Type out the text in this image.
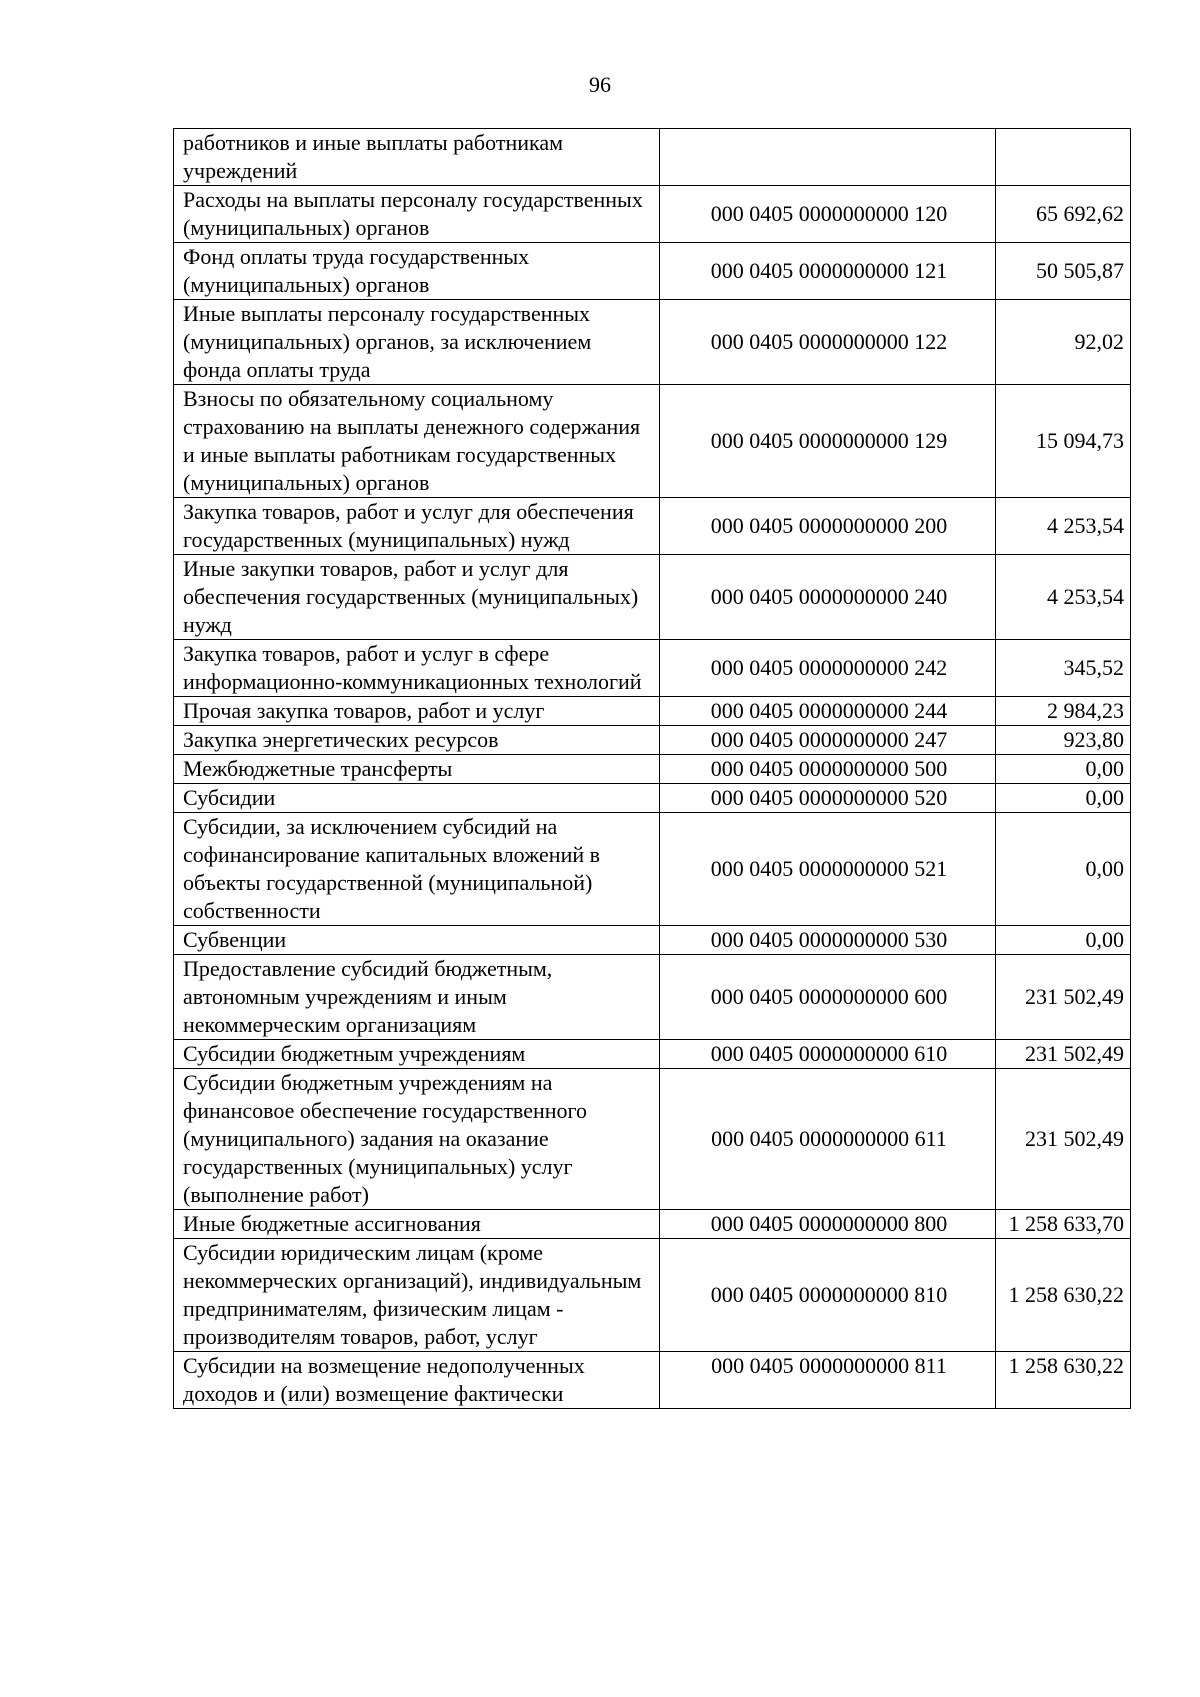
96
работников и иные выплаты работникам учреждений		
Расходы на выплаты персоналу государственных (муниципальных) органов	000 0405 0000000000 120	65 692,62
Фонд оплаты труда государственных (муниципальных) органов	000 0405 0000000000 121	50 505,87
Иные выплаты персоналу государственных (муниципальных) органов, за исключением фонда оплаты труда	000 0405 0000000000 122	92,02
Взносы по обязательному социальному страхованию на выплаты денежного содержания и иные выплаты работникам государственных (муниципальных) органов	000 0405 0000000000 129	15 094,73
Закупка товаров, работ и услуг для обеспечения государственных (муниципальных) нужд	000 0405 0000000000 200	4 253,54
Иные закупки товаров, работ и услуг для обеспечения государственных (муниципальных) нужд	000 0405 0000000000 240	4 253,54
Закупка товаров, работ и услуг в сфере информационно-коммуникационных технологий	000 0405 0000000000 242	345,52
Прочая закупка товаров, работ и услуг	000 0405 0000000000 244	2 984,23
Закупка энергетических ресурсов	000 0405 0000000000 247	923,80
Межбюджетные трансферты	000 0405 0000000000 500	0,00
Субсидии	000 0405 0000000000 520	0,00
Субсидии, за исключением субсидий на софинансирование капитальных вложений в объекты государственной (муниципальной) собственности	000 0405 0000000000 521	0,00
Субвенции	000 0405 0000000000 530	0,00
Предоставление субсидий бюджетным, автономным учреждениям и иным некоммерческим организациям	000 0405 0000000000 600	231 502,49
Субсидии бюджетным учреждениям	000 0405 0000000000 610	231 502,49
Субсидии бюджетным учреждениям на финансовое обеспечение государственного (муниципального) задания на оказание государственных (муниципальных) услуг (выполнение работ)	000 0405 0000000000 611	231 502,49
Иные бюджетные ассигнования	000 0405 0000000000 800	1 258 633,70
Субсидии юридическим лицам (кроме некоммерческих организаций), индивидуальным предпринимателям, физическим лицам - производителям товаров, работ, услуг	000 0405 0000000000 810	1 258 630,22
Субсидии на возмещение недополученных доходов и (или) возмещение фактически	000 0405 0000000000 811	1 258 630,22
